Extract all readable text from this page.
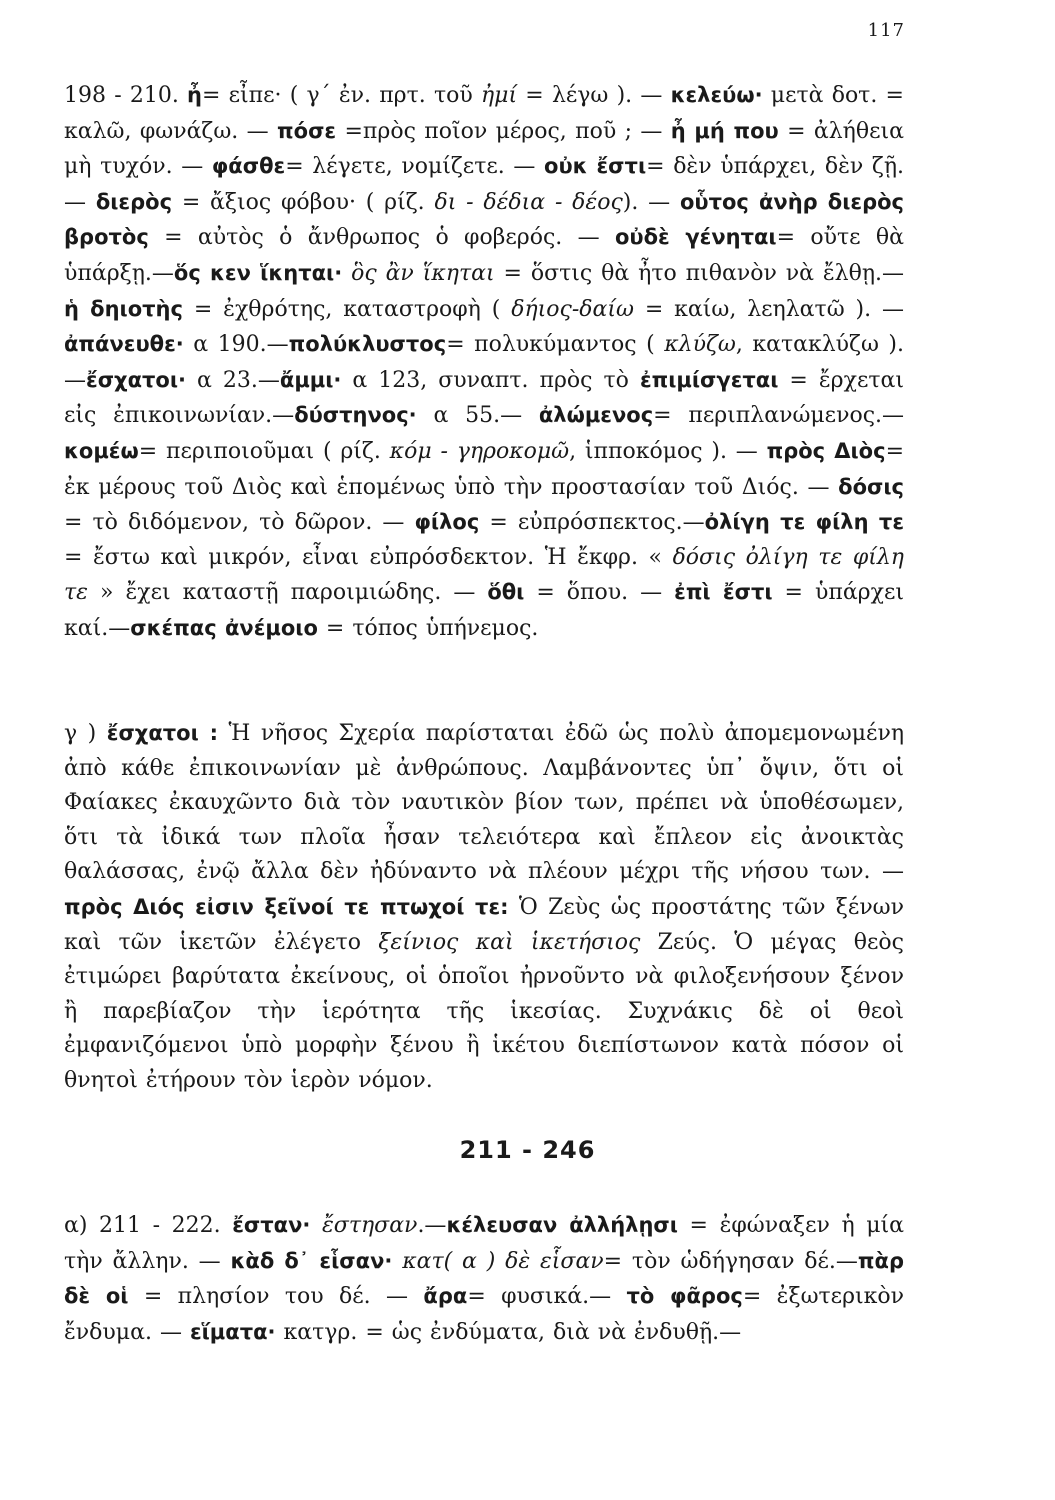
117
198 - 210. ἦ= εἶπε· ( γ΄ ἐν. πρτ. τοῦ ἠμί = λέγω ). — κελεύω· μετὰ δοτ. = καλῶ, φωνάζω. — πόσε =πρὸς ποῖον μέρος, ποῦ ; — ἦ μή που = ἀλήθεια μὴ τυχόν. — φάσθε= λέγετε, νομίζετε. — οὐκ ἔστι= δὲν ὑπάρχει, δὲν ζῇ. — διερὸς = ἄξιος φόβου· ( ρίζ. δι - δέδια - δέος). — οὗτος ἀνὴρ διερὸς βροτὸς = αὐτὸς ὁ ἄνθρωπος ὁ φοβερός. — οὐδὲ γένηται= οὔτε θὰ ὑπάρξῃ.—ὅς κεν ἵκηται· ὃς ἂν ἵκηται = ὅστις θὰ ἦτο πιθανὸν νὰ ἔλθῃ.—ἡ δηιοτὴς = ἐχθρότης, καταστροφὴ ( δήιος-δαίω = καίω, λεηλατῶ ). — ἀπάνευθε· α 190.—πολύκλυστος= πολυκύμαντος ( κλύζω, κατακλύζω ).—ἔσχατοι· α 23.—ἄμμι· α 123, συναπτ. πρὸς τὸ ἐπιμίσγεται = ἔρχεται εἰς ἐπικοινωνίαν.—δύστηνος· α 55.— ἀλώμενος= περιπλανώμενος.—κομέω= περιποιοῦμαι ( ρίζ. κόμ - γηροκομῶ, ἱπποκόμος ). — πρὸς Διὸς= ἐκ μέρους τοῦ Διὸς καὶ ἑπομένως ὑπὸ τὴν προστασίαν τοῦ Διός. — δόσις = τὸ διδόμενον, τὸ δῶρον. — φίλος = εὐπρόσπεκτος.—ὀλίγη τε φίλη τε = ἔστω καὶ μικρόν, εἶναι εὐπρόσδεκτον. Ἡ ἔκφρ. « δόσις ὀλίγη τε φίλη τε » ἔχει καταστῇ παροιμιώδης. — ὅθι = ὅπου. — ἐπὶ ἔστι = ὑπάρχει καί.—σκέπας ἀνέμοιο = τόπος ὑπήνεμος.
γ ) ἔσχατοι : Ἡ νῆσος Σχερία παρίσταται ἐδῶ ὡς πολὺ ἀπομεμονωμένη ἀπὸ κάθε ἐπικοινωνίαν μὲ ἀνθρώπους. Λαμβάνοντες ὑπ᾽ ὄψιν, ὅτι οἱ Φαίακες ἐκαυχῶντο διὰ τὸν ναυτικὸν βίον των, πρέπει νὰ ὑποθέσωμεν, ὅτι τὰ ἰδικά των πλοῖα ἦσαν τελειότερα καὶ ἔπλεον εἰς ἀνοικτὰς θαλάσσας, ἐνῷ ἄλλα δὲν ἠδύναντο νὰ πλέουν μέχρι τῆς νήσου των. — πρὸς Διός εἰσιν ξεῖνοί τε πτωχοί τε: Ὁ Ζεὺς ὡς προστάτης τῶν ξένων καὶ τῶν ἱκετῶν ἐλέγετο ξείνιος καὶ ἱκετήσιος Ζεύς. Ὁ μέγας θεὸς ἐτιμώρει βαρύτατα ἐκείνους, οἱ ὁποῖοι ἠρνοῦντο νὰ φιλοξενήσουν ξένον ἢ παρεβίαζον τὴν ἱερότητα τῆς ἱκεσίας. Συχνάκις δὲ οἱ θεοὶ ἐμφανιζόμενοι ὑπὸ μορφὴν ξένου ἢ ἱκέτου διεπίστωνον κατὰ πόσον οἱ θνητοὶ ἐτήρουν τὸν ἱερὸν νόμον.
211 - 246
α) 211 - 222. ἔσταν· ἔστησαν.—κέλευσαν ἀλλήλῃσι = ἐφώναξεν ἡ μία τὴν ἄλλην. — κὰδ δ᾽ εἷσαν· κατ( α ) δὲ εἷσαν= τὸν ὡδήγησαν δέ.—πὰρ δὲ οἱ = πλησίον του δέ. — ἄρα= φυσικά.— τὸ φᾶρος= ἐξωτερικὸν ἔνδυμα. — εἵματα· κατγρ. = ὡς ἐνδύματα, διὰ νὰ ἐνδυθῇ.—
